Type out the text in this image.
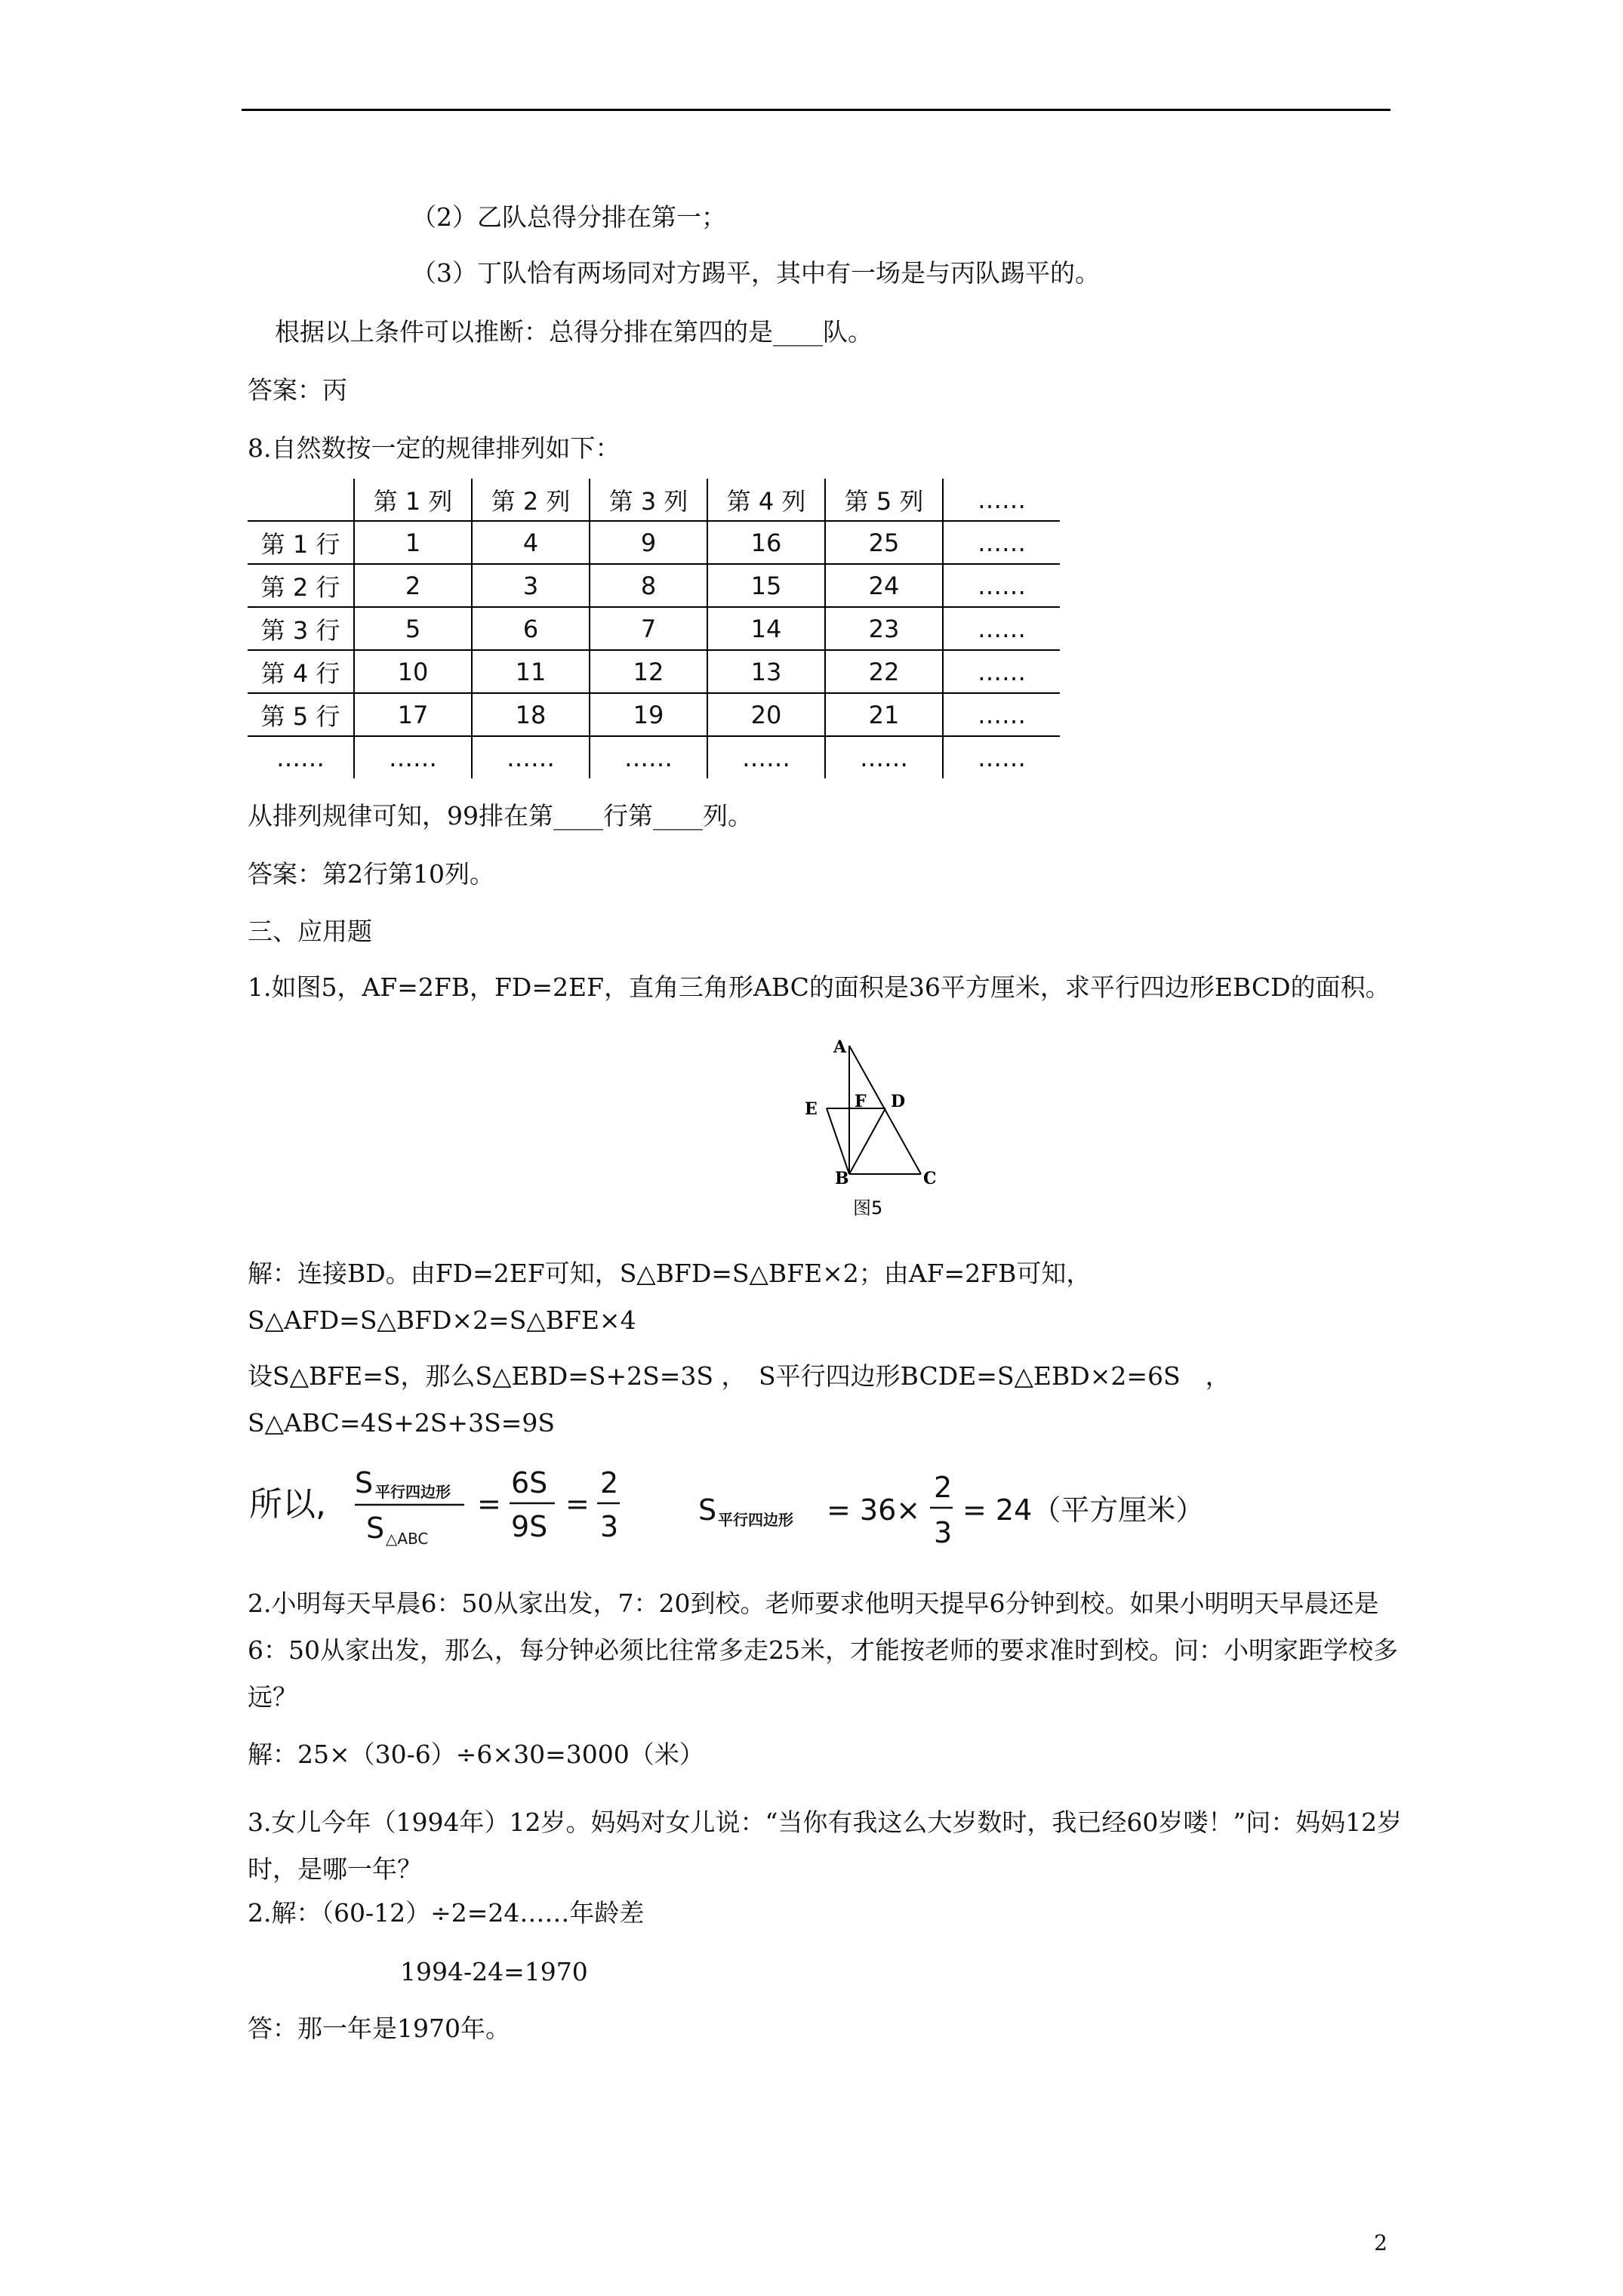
（2）乙队总得分排在第一；
（3）丁队恰有两场同对方踢平，其中有一场是与丙队踢平的。
根据以上条件可以推断：总得分排在第四的是____队。
答案：丙
8.自然数按一定的规律排列如下：
	第 1 列	第 2 列	第 3 列	第 4 列	第 5 列	……
第 1 行	1	4	9	16	25	……
第 2 行	2	3	8	15	24	……
第 3 行	5	6	7	14	23	……
第 4 行	10	11	12	13	22	……
第 5 行	17	18	19	20	21	……
……	……	……	……	……	……	……
从排列规律可知，99排在第____行第____列。
答案：第2行第10列。
三、应用题
1.如图5，AF=2FB，FD=2EF，直角三角形ABC的面积是36平方厘米，求平行四边形EBCD的面积。
A
F D
E
B	C
图5
解：连接BD。由FD=2EF可知，S△BFD=S△BFE×2；由AF=2FB可知，　S△AFD=S△BFD×2=S△BFE×4
设S△BFE=S，那么S△EBD=S+2S=3S ，　S平行四边形BCDE=S△EBD×2=6S　，　S△ABC=4S+2S+3S=9S
所以,
S 平行四边形
S △ABC
=
6S
9S
=
2
3	S 平行四边形 = 36×
2
3
= 24（平方厘米）
2.小明每天早晨6：50从家出发，7：20到校。老师要求他明天提早6分钟到校。如果小明明天早晨还是6：50从家出发，那么，每分钟必须比往常多走25米，才能按老师的要求准时到校。问：小明家距学校多远？
解：25×（30-6）÷6×30=3000（米）
3.女儿今年（1994年）12岁。妈妈对女儿说：“当你有我这么大岁数时，我已经60岁喽！”问：妈妈12岁时，是哪一年？
2.解：（60-12）÷2=24……年龄差
1994-24=1970
答：那一年是1970年。
2
